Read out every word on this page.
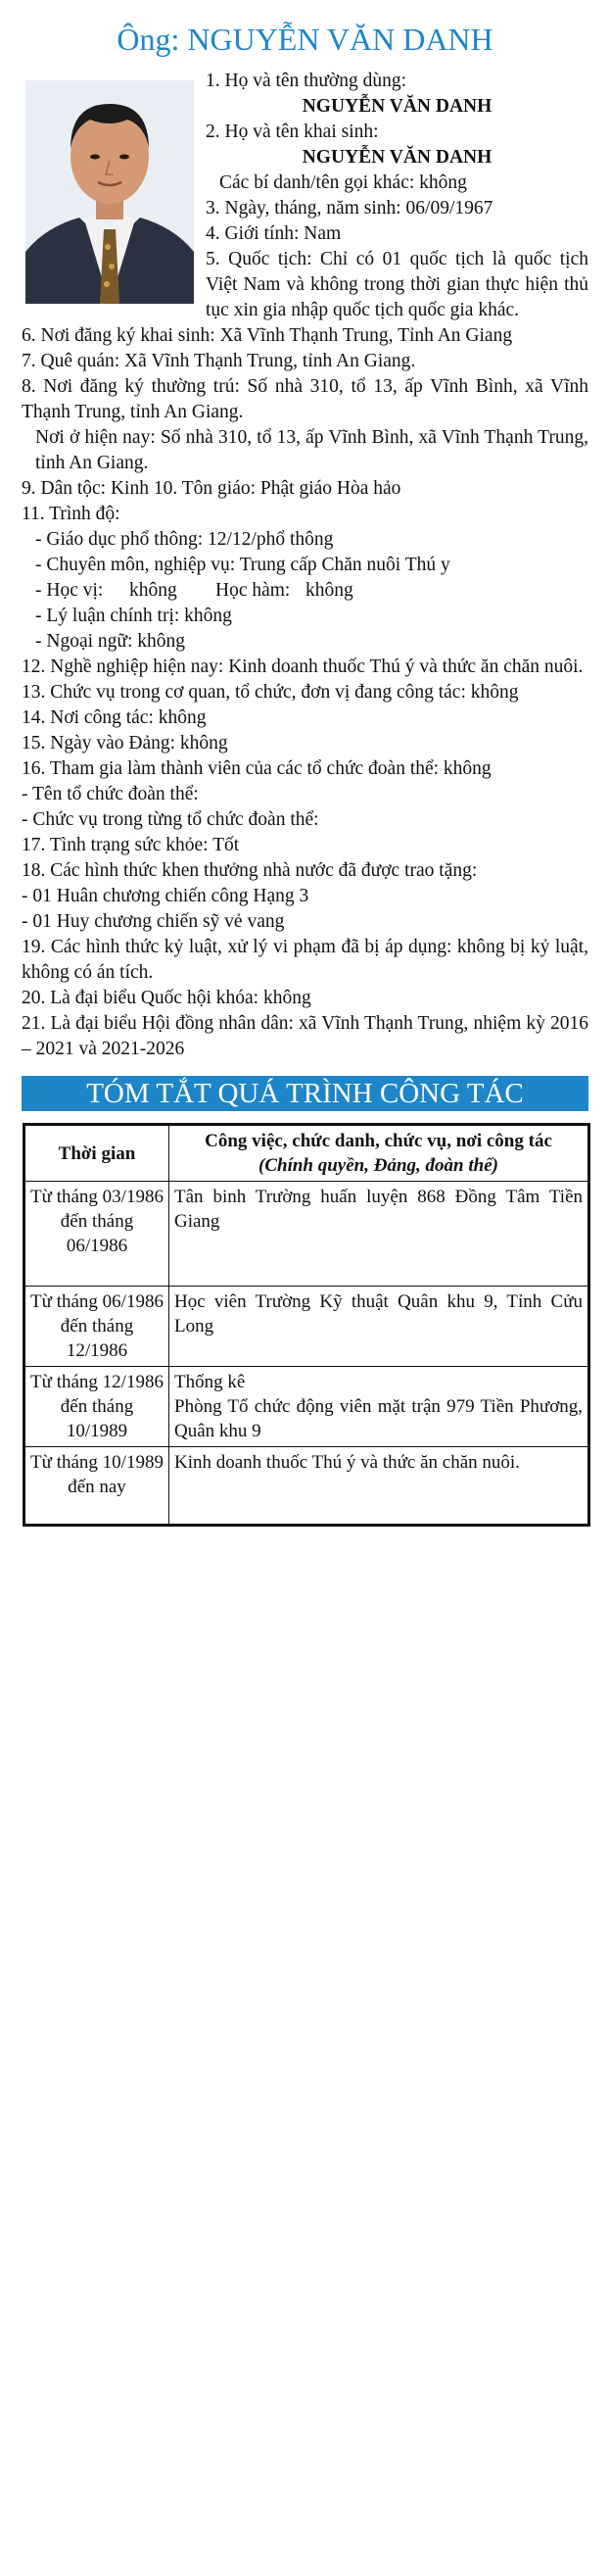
Ông: NGUYỄN VĂN DANH

1. Họ và tên thường dùng:

NGUYỄN VĂN DANH

2. Họ và tên khai sinh:

NGUYỄN VĂN DANH

Các bí danh/tên gọi khác: không

3. Ngày, tháng, năm sinh: 06/09/1967

4. Giới tính: Nam

5. Quốc tịch: Chỉ có 01 quốc tịch là quốc tịch Việt Nam và không trong thời gian thực hiện thủ tục xin gia nhập quốc tịch quốc gia khác.

6. Nơi đăng ký khai sinh: Xã Vĩnh Thạnh Trung, Tỉnh An Giang

7. Quê quán: Xã Vĩnh Thạnh Trung, tỉnh An Giang.

8. Nơi đăng ký thường trú: Số nhà 310, tổ 13, ấp Vĩnh Bình, xã Vĩnh Thạnh Trung, tỉnh An Giang.

Nơi ở hiện nay: Số nhà 310, tổ 13, ấp Vĩnh Bình, xã Vĩnh Thạnh Trung, tỉnh An Giang.

9. Dân tộc: Kinh 10. Tôn giáo: Phật giáo Hòa hảo

11. Trình độ:

- Giáo dục phổ thông: 12/12/phổ thông

- Chuyên môn, nghiệp vụ: Trung cấp Chăn nuôi Thú y

- Học vị: không Học hàm: không

- Lý luận chính trị: không

- Ngoại ngữ: không

12. Nghề nghiệp hiện nay: Kinh doanh thuốc Thú ý và thức ăn chăn nuôi.

13. Chức vụ trong cơ quan, tổ chức, đơn vị đang công tác: không

14. Nơi công tác: không

15. Ngày vào Đảng: không

16. Tham gia làm thành viên của các tổ chức đoàn thể: không

- Tên tổ chức đoàn thể:

- Chức vụ trong từng tổ chức đoàn thể:

17. Tình trạng sức khỏe: Tốt

18. Các hình thức khen thưởng nhà nước đã được trao tặng:

- 01 Huân chương chiến công Hạng 3

- 01 Huy chương chiến sỹ vẻ vang

19. Các hình thức kỷ luật, xử lý vi phạm đã bị áp dụng: không bị kỷ luật, không có án tích.

20. Là đại biểu Quốc hội khóa: không

21. Là đại biểu Hội đồng nhân dân: xã Vĩnh Thạnh Trung, nhiệm kỳ 2016 – 2021 và 2021-2026

TÓM TẮT QUÁ TRÌNH CÔNG TÁC
Thời gian	Công việc, chức danh, chức vụ, nơi công tác
(Chính quyền, Đảng, đoàn thể)

Từ tháng 03/1986 đến tháng 06/1986	Tân binh Trường huấn luyện 868 Đồng Tâm Tiền Giang
Từ tháng 06/1986 đến tháng 12/1986	Học viên Trường Kỹ thuật Quân khu 9, Tỉnh Cửu Long
Từ tháng 12/1986 đến tháng 10/1989	Thống kê
Phòng Tổ chức động viên mặt trận 979 Tiền Phương, Quân khu 9

Từ tháng 10/1989 đến nay	Kinh doanh thuốc Thú ý và thức ăn chăn nuôi.
